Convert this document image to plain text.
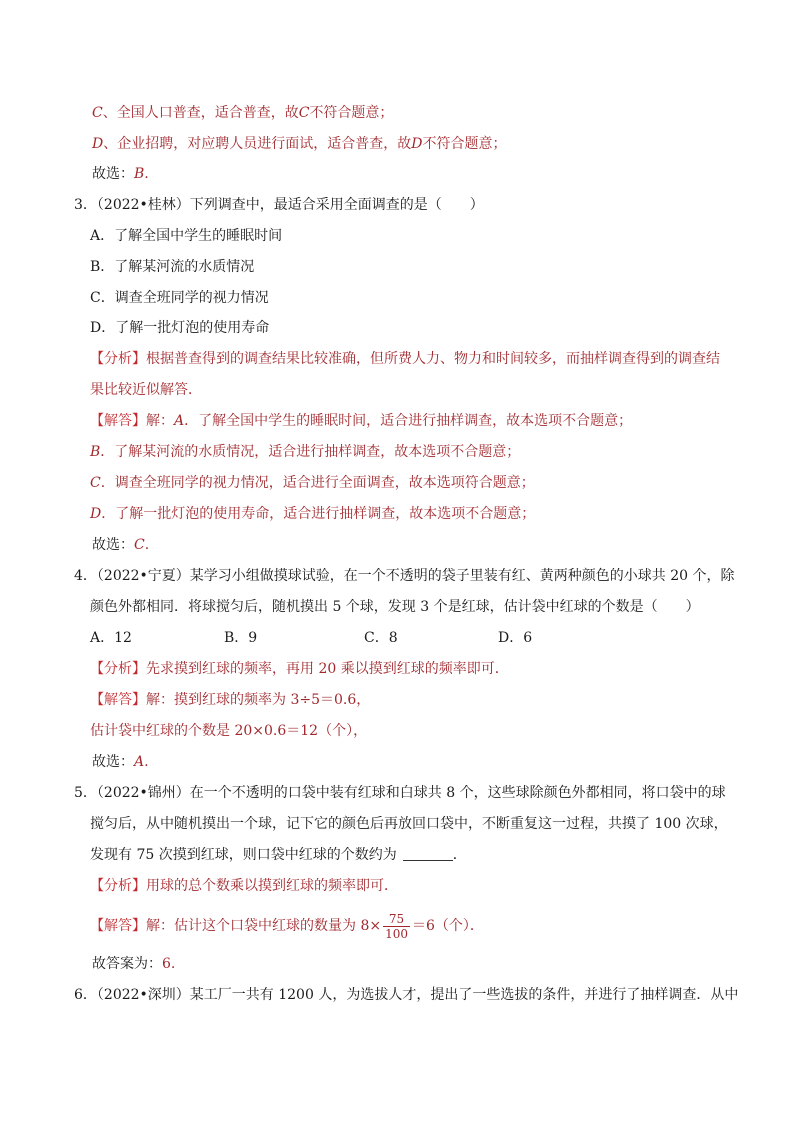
C、全国人口普查，适合普查，故C不符合题意；
D、企业招聘，对应聘人员进行面试，适合普查，故D不符合题意；
故选：B.
3．（2022•桂林）下列调查中，最适合采用全面调查的是（　　）
A．了解全国中学生的睡眠时间
B．了解某河流的水质情况
C．调查全班同学的视力情况
D．了解一批灯泡的使用寿命
【分析】根据普查得到的调查结果比较准确，但所费人力、物力和时间较多，而抽样调查得到的调查结
果比较近似解答．
【解答】解：A．了解全国中学生的睡眠时间，适合进行抽样调查，故本选项不合题意；
B．了解某河流的水质情况，适合进行抽样调查，故本选项不合题意；
C．调查全班同学的视力情况，适合进行全面调查，故本选项符合题意；
D．了解一批灯泡的使用寿命，适合进行抽样调查，故本选项不合题意；
故选：C.
4．（2022•宁夏）某学习小组做摸球试验，在一个不透明的袋子里装有红、黄两种颜色的小球共 20 个，除
颜色外都相同．将球搅匀后，随机摸出 5 个球，发现 3 个是红球，估计袋中红球的个数是（　　）
A．12	B．9	C．8	D．6
【分析】先求摸到红球的频率，再用 20 乘以摸到红球的频率即可．
【解答】解：摸到红球的频率为 3÷5＝0.6，
估计袋中红球的个数是 20×0.6＝12（个），
故选：A.
5．（2022•锦州）在一个不透明的口袋中装有红球和白球共 8 个，这些球除颜色外都相同，将口袋中的球
搅匀后，从中随机摸出一个球，记下它的颜色后再放回口袋中，不断重复这一过程，共摸了 100 次球，
发现有 75 次摸到红球，则口袋中红球的个数约为	．
【分析】用球的总个数乘以摸到红球的频率即可．
【解答】解：估计这个口袋中红球的数量为 $8\times \frac{75}{100} =6$（个）．
故答案为：6.
6．（2022•深圳）某工厂一共有 1200 人，为选拔人才，提出了一些选拔的条件，并进行了抽样调查．从中
